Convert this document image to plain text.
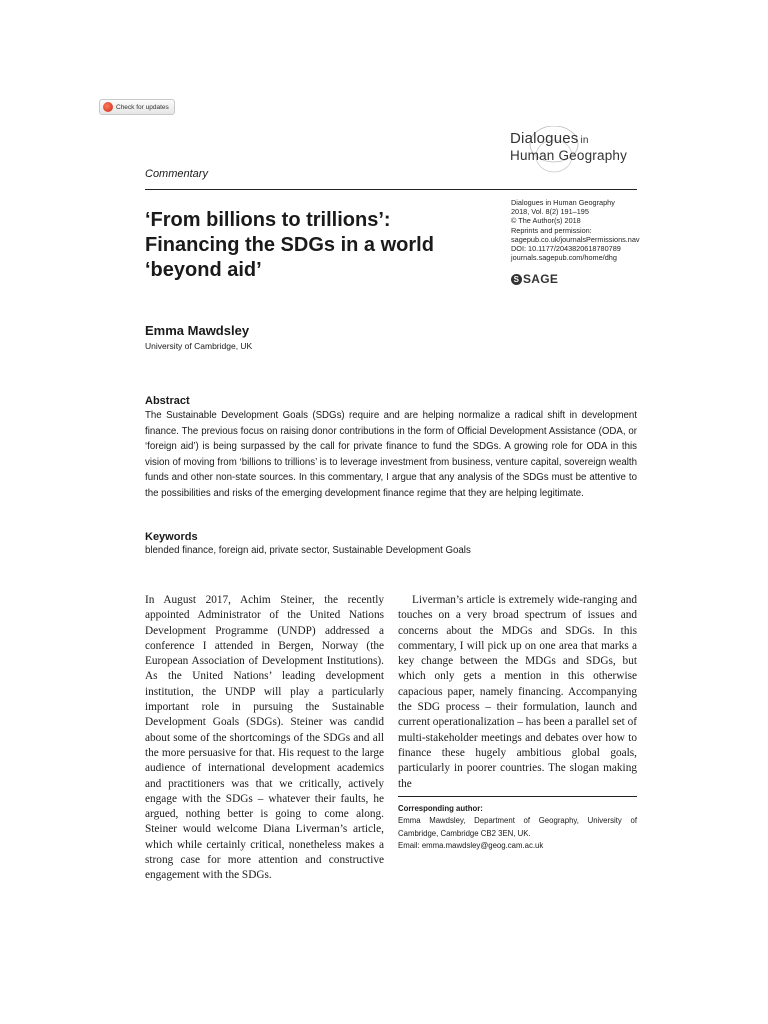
Check for updates
Dialogues in
Human Geography
Commentary
‘From billions to trillions’: Financing the SDGs in a world ‘beyond aid’
Dialogues in Human Geography
2018, Vol. 8(2) 191–195
© The Author(s) 2018
Reprints and permission:
sagepub.co.uk/journalsPermissions.nav
DOI: 10.1177/2043820618780789
journals.sagepub.com/home/dhg
S SAGE
Emma Mawdsley
University of Cambridge, UK
Abstract
The Sustainable Development Goals (SDGs) require and are helping normalize a radical shift in development finance. The previous focus on raising donor contributions in the form of Official Development Assistance (ODA, or ‘foreign aid’) is being surpassed by the call for private finance to fund the SDGs. A growing role for ODA in this vision of moving from ‘billions to trillions’ is to leverage investment from business, venture capital, sovereign wealth funds and other non-state sources. In this commentary, I argue that any analysis of the SDGs must be attentive to the possibilities and risks of the emerging development finance regime that they are helping legitimate.
Keywords
blended finance, foreign aid, private sector, Sustainable Development Goals
In August 2017, Achim Steiner, the recently appointed Administrator of the United Nations Development Programme (UNDP) addressed a conference I attended in Bergen, Norway (the European Association of Development Institutions). As the United Nations’ leading development institution, the UNDP will play a particularly important role in pursuing the Sustainable Development Goals (SDGs). Steiner was candid about some of the shortcomings of the SDGs and all the more persuasive for that. His request to the large audience of international development academics and practitioners was that we critically, actively engage with the SDGs – whatever their faults, he argued, nothing better is going to come along. Steiner would welcome Diana Liverman’s article, which while certainly critical, nonetheless makes a strong case for more attention and constructive engagement with the SDGs.
Liverman’s article is extremely wide-ranging and touches on a very broad spectrum of issues and concerns about the MDGs and SDGs. In this commentary, I will pick up on one area that marks a key change between the MDGs and SDGs, but which only gets a mention in this otherwise capacious paper, namely financing. Accompanying the SDG process – their formulation, launch and current operationalization – has been a parallel set of multi-stakeholder meetings and debates over how to finance these hugely ambitious global goals, particularly in poorer countries. The slogan making the
Corresponding author:
Emma Mawdsley, Department of Geography, University of Cambridge, Cambridge CB2 3EN, UK.
Email: emma.mawdsley@geog.cam.ac.uk
